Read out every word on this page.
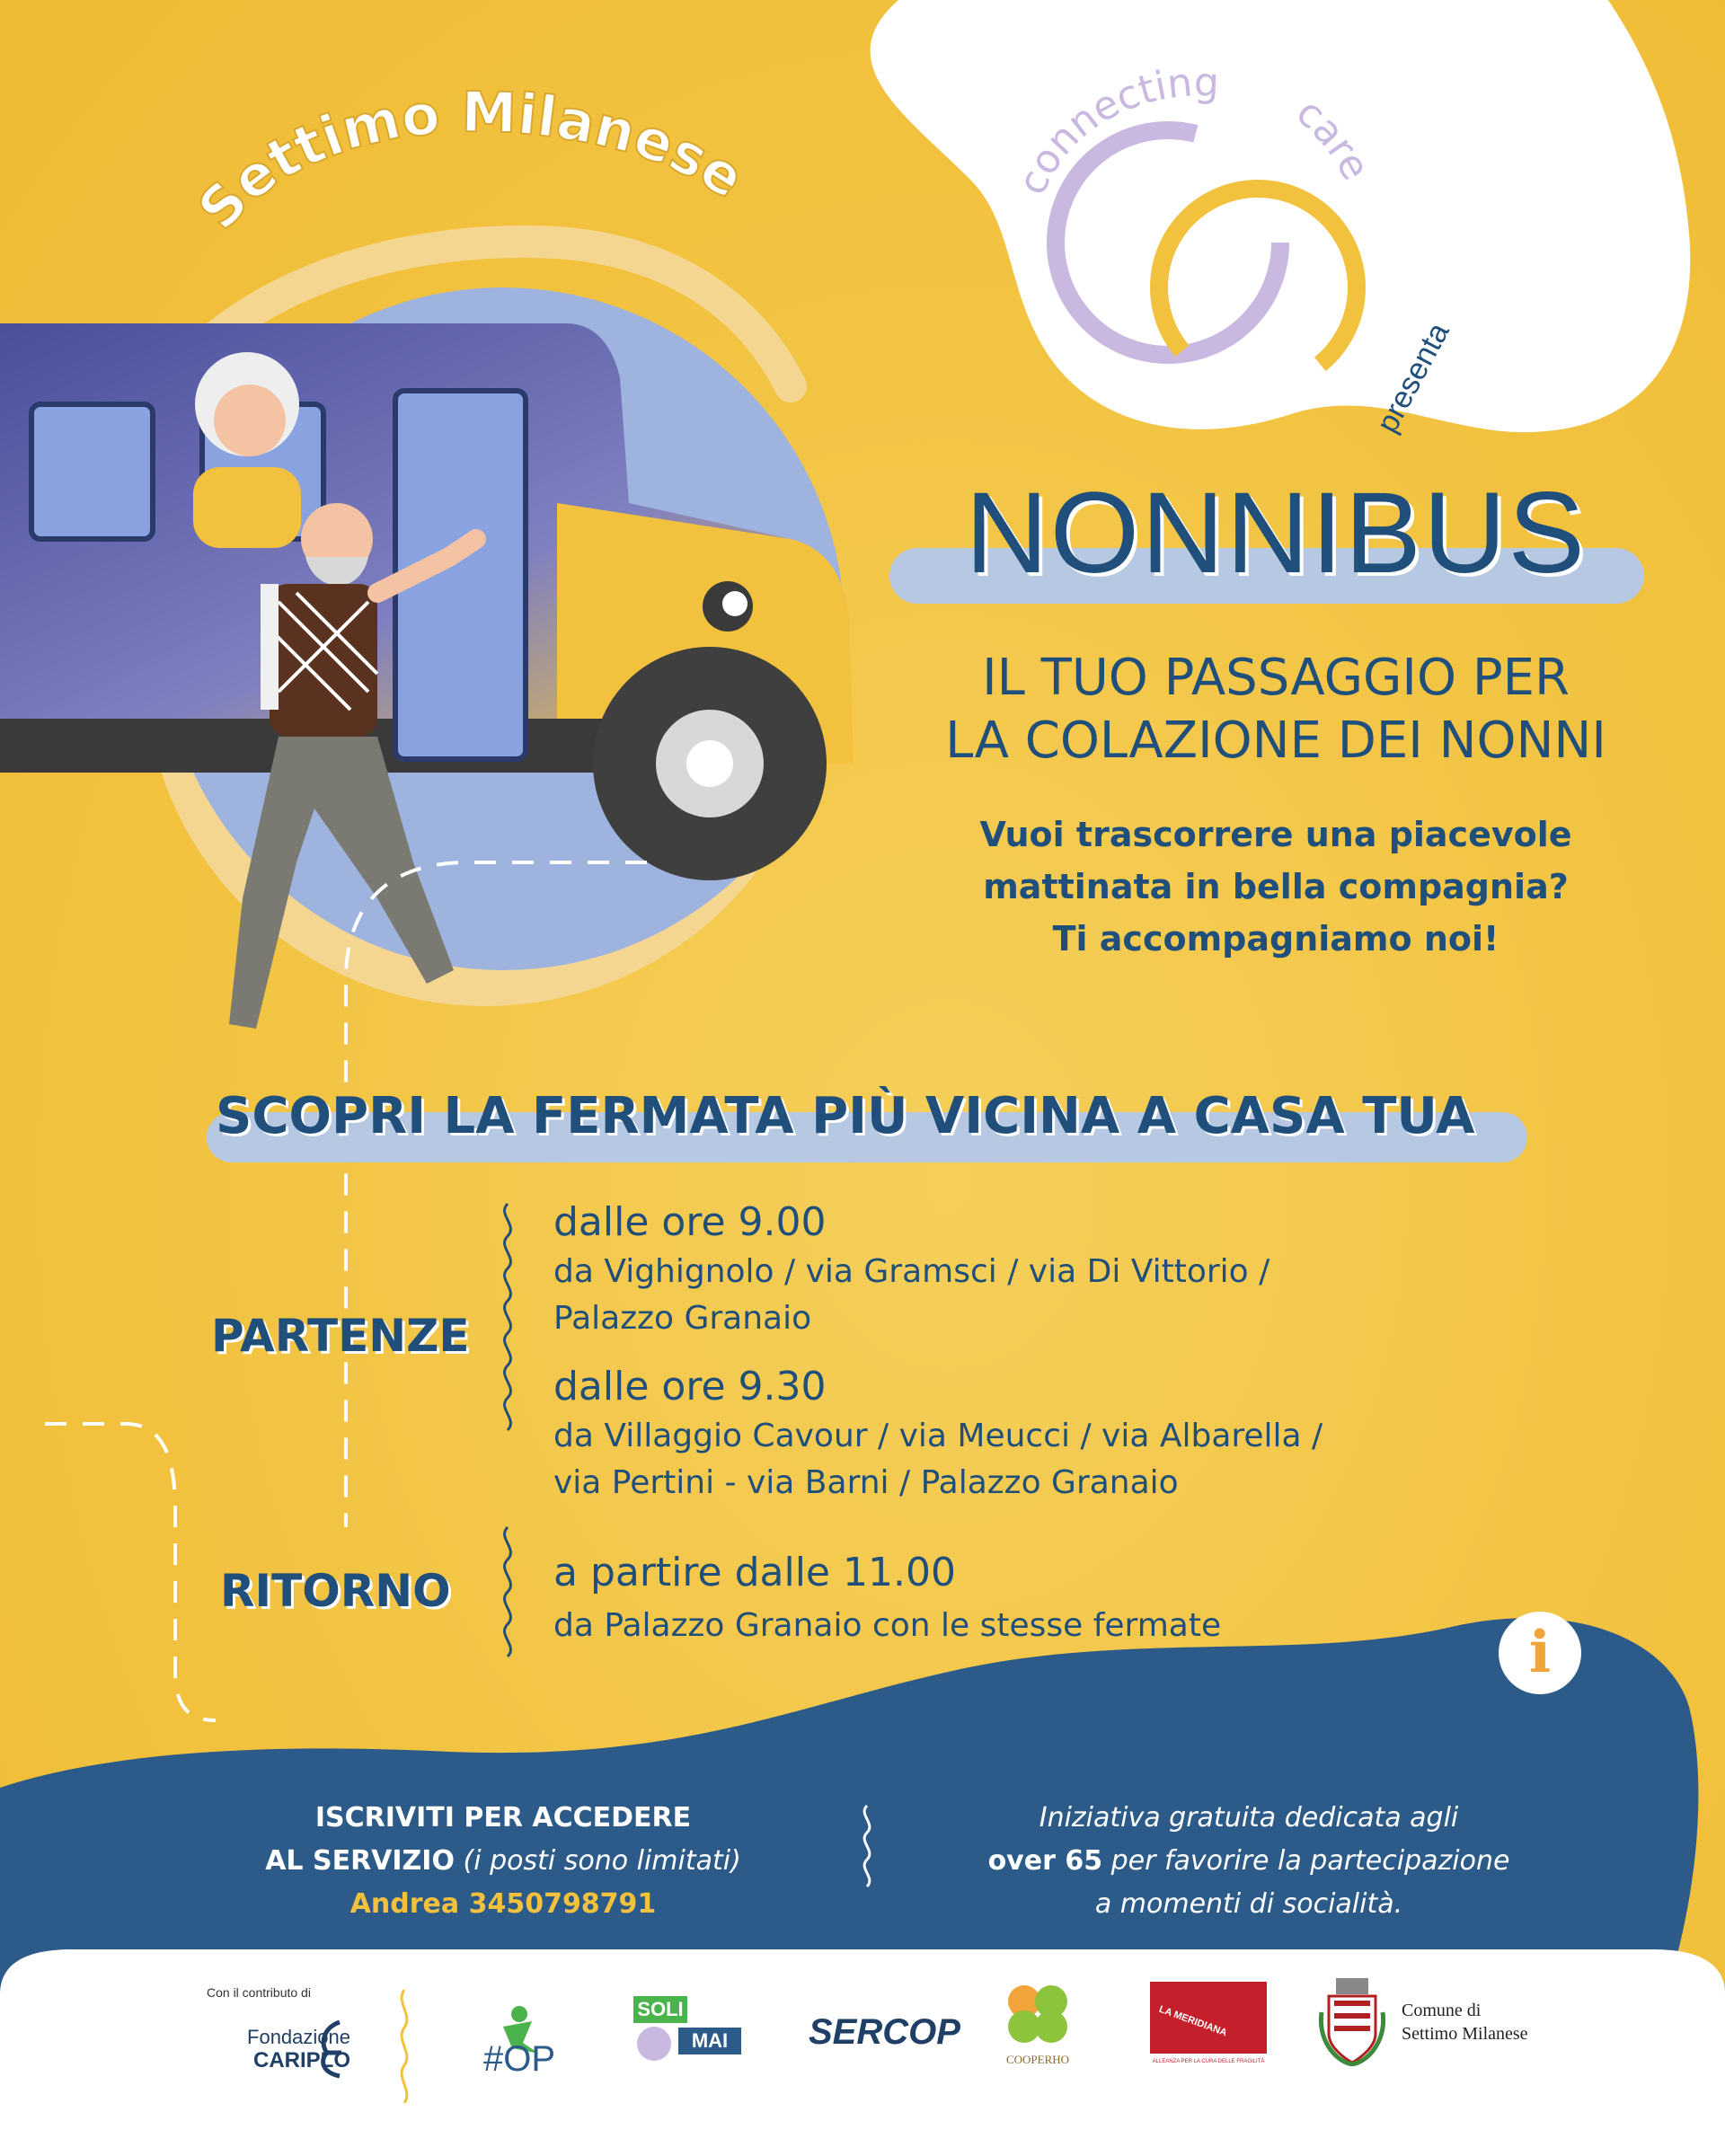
Settimo Milanese	connecting
care
presenta
NONNIBUS
IL TUO PASSAGGIO PER
LA COLAZIONE DEI NONNI
Vuoi trascorrere una piacevole
mattinata in bella compagnia?
Ti accompagniamo noi!
SCOPRI LA FERMATA PIÙ VICINA A CASA TUA
PARTENZE
dalle ore 9.00
da Vighignolo / via Gramsci / via Di Vittorio /
Palazzo Granaio
dalle ore 9.30
da Villaggio Cavour / via Meucci / via Albarella /
via Pertini - via Barni / Palazzo Granaio
RITORNO	a partire dalle 11.00
da Palazzo Granaio con le stesse fermate	i
ISCRIVITI PER ACCEDERE
AL SERVIZIO (i posti sono limitati)
Andrea 3450798791
Iniziativa gratuita dedicata agli
over 65 per favorire la partecipazione
a momenti di socialità.
Con il contributo di
Fondazione
CARIPLO	#OP
SOLI
MAI	SERCOP
COOPERHO
LA MERIDIANA
ALLEANZA PER LA CURA DELLE FRAGILITÀ
Comune di
Settimo Milanese
